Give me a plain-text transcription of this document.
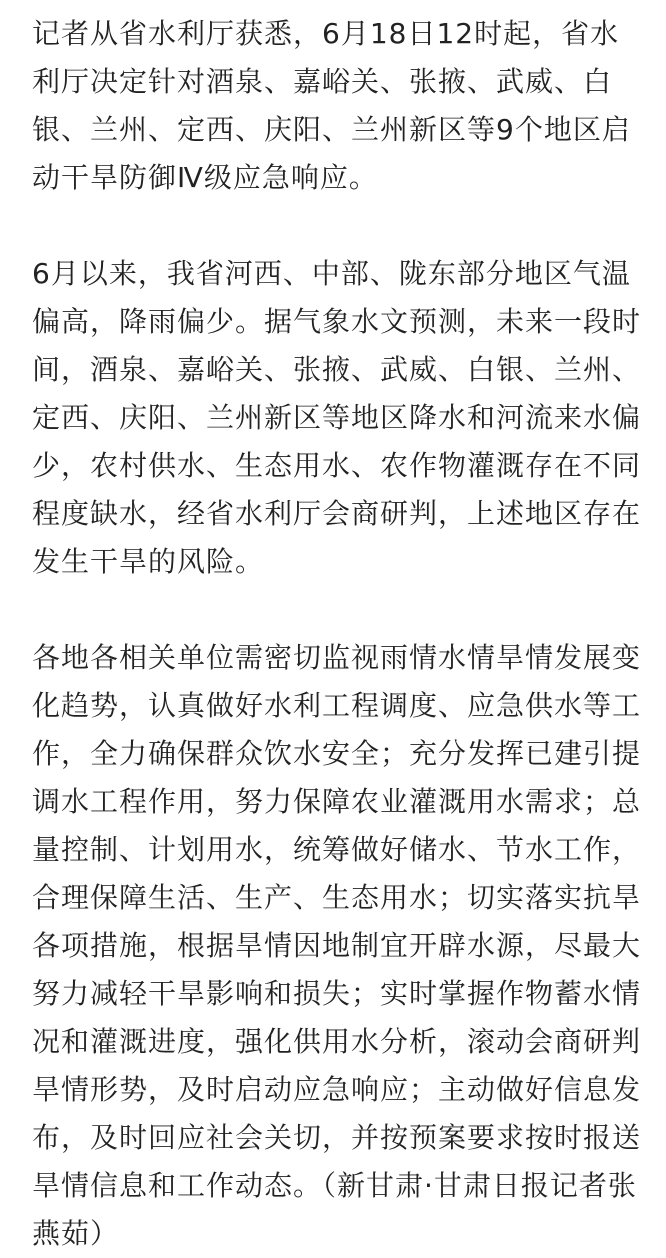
记者从省水利厅获悉，6月18日12时起，省水利厅决定针对酒泉、嘉峪关、张掖、武威、白银、兰州、定西、庆阳、兰州新区等9个地区启动干旱防御Ⅳ级应急响应。

6月以来，我省河西、中部、陇东部分地区气温偏高，降雨偏少。据气象水文预测，未来一段时间，酒泉、嘉峪关、张掖、武威、白银、兰州、定西、庆阳、兰州新区等地区降水和河流来水偏少，农村供水、生态用水、农作物灌溉存在不同程度缺水，经省水利厅会商研判，上述地区存在发生干旱的风险。

各地各相关单位需密切监视雨情水情旱情发展变化趋势，认真做好水利工程调度、应急供水等工作，全力确保群众饮水安全；充分发挥已建引提调水工程作用，努力保障农业灌溉用水需求；总量控制、计划用水，统筹做好储水、节水工作，合理保障生活、生产、生态用水；切实落实抗旱各项措施，根据旱情因地制宜开辟水源，尽最大努力减轻干旱影响和损失；实时掌握作物蓄水情况和灌溉进度，强化供用水分析，滚动会商研判旱情形势，及时启动应急响应；主动做好信息发布，及时回应社会关切，并按预案要求按时报送旱情信息和工作动态。（新甘肃·甘肃日报记者张燕茹）
